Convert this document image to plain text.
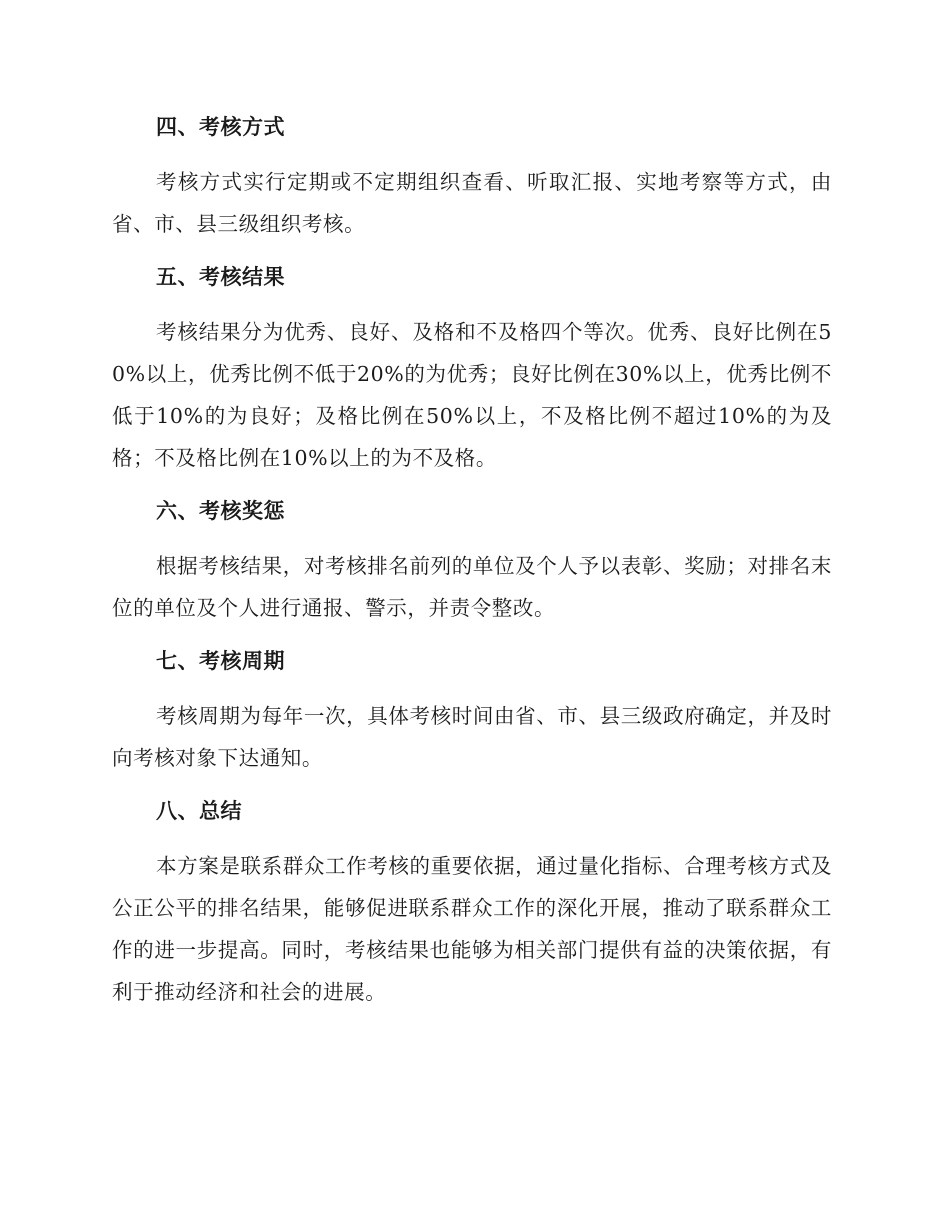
四、考核方式

考核方式实行定期或不定期组织查看、听取汇报、实地考察等方式，由省、市、县三级组织考核。

五、考核结果

考核结果分为优秀、良好、及格和不及格四个等次。优秀、良好比例在50%以上，优秀比例不低于20%的为优秀；良好比例在30%以上，优秀比例不低于10%的为良好；及格比例在50%以上，不及格比例不超过10%的为及格；不及格比例在10%以上的为不及格。

六、考核奖惩

根据考核结果，对考核排名前列的单位及个人予以表彰、奖励；对排名末位的单位及个人进行通报、警示，并责令整改。

七、考核周期

考核周期为每年一次，具体考核时间由省、市、县三级政府确定，并及时向考核对象下达通知。

八、总结

本方案是联系群众工作考核的重要依据，通过量化指标、合理考核方式及公正公平的排名结果，能够促进联系群众工作的深化开展，推动了联系群众工作的进一步提高。同时，考核结果也能够为相关部门提供有益的决策依据，有利于推动经济和社会的进展。
